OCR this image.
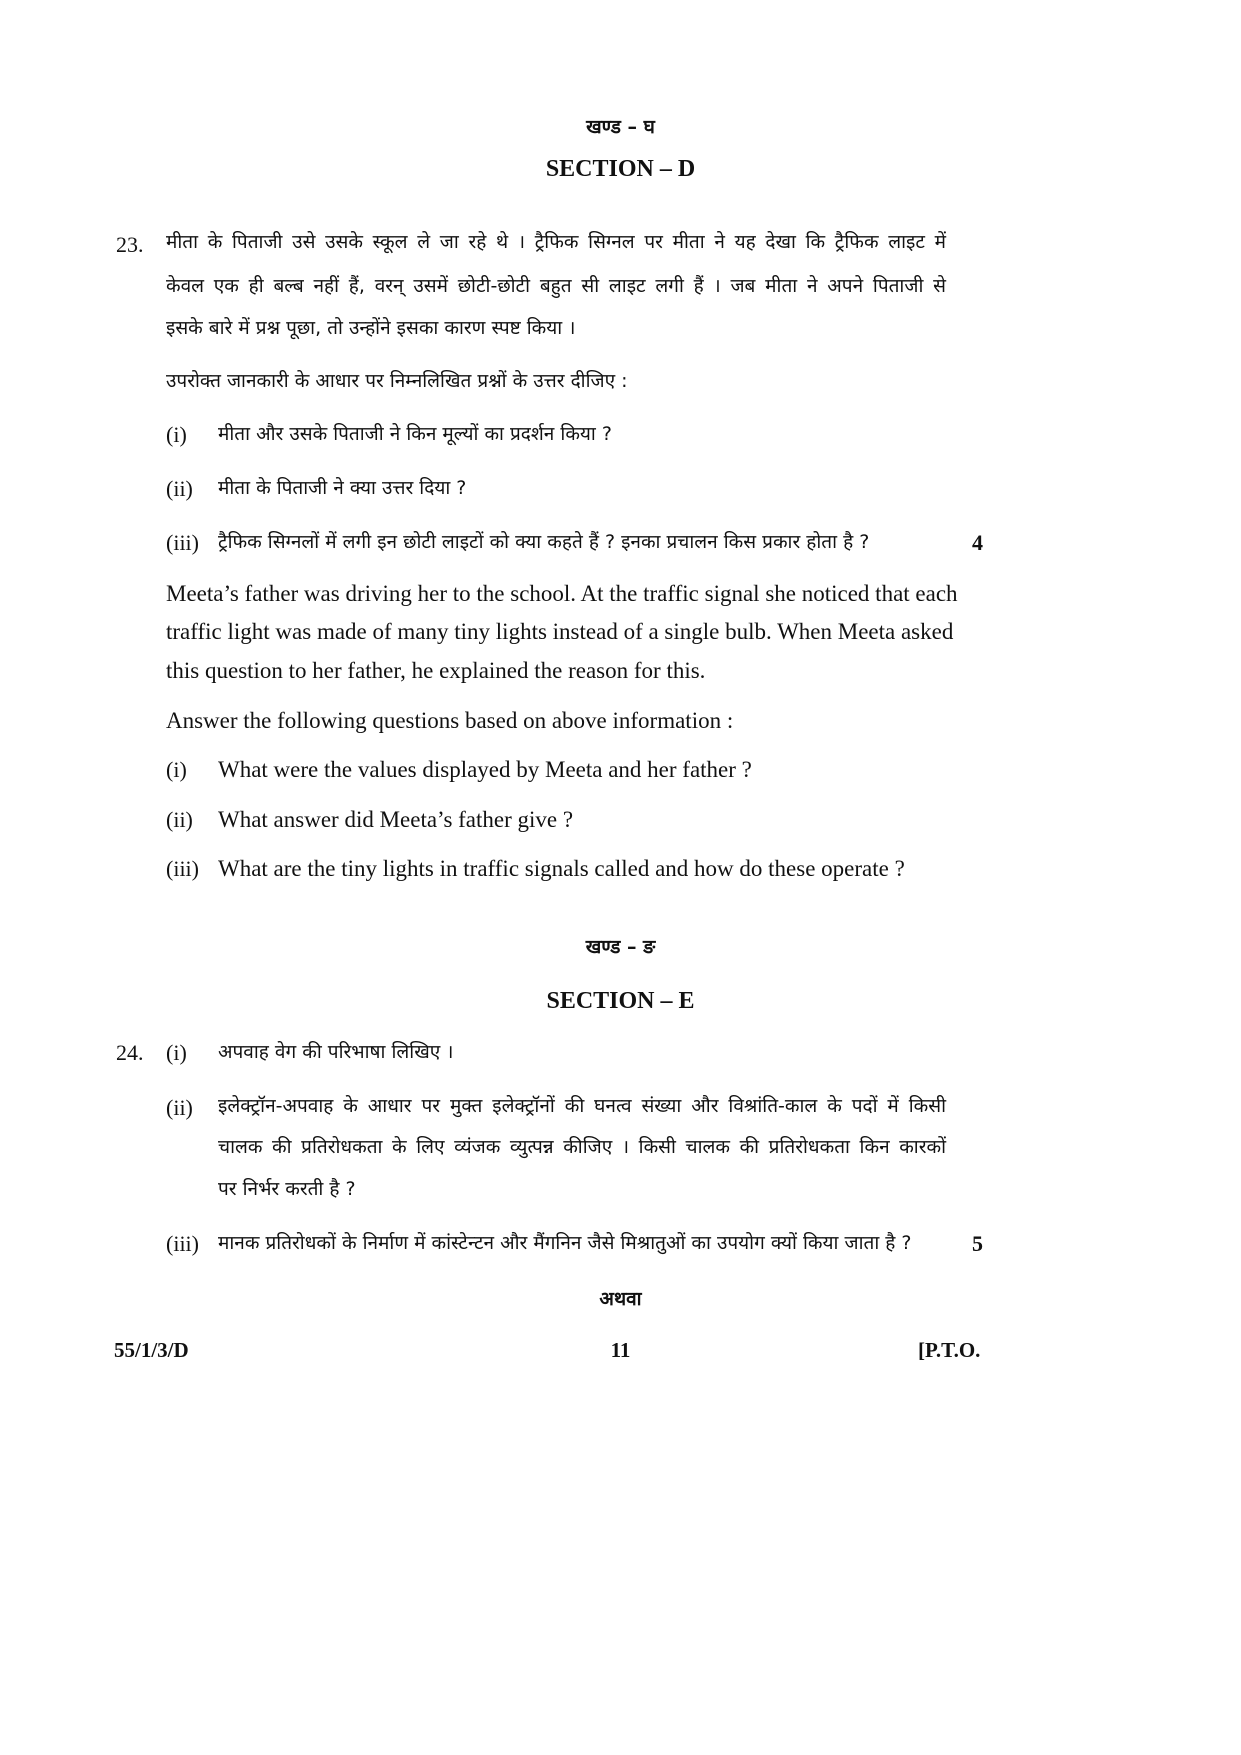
खण्ड – घ
SECTION – D
23. मीता के पिताजी उसे उसके स्कूल ले जा रहे थे । ट्रैफिक सिग्नल पर मीता ने यह देखा कि ट्रैफिक लाइट में
केवल एक ही बल्ब नहीं हैं, वरन् उसमें छोटी-छोटी बहुत सी लाइट लगी हैं । जब मीता ने अपने पिताजी से
इसके बारे में प्रश्न पूछा, तो उन्होंने इसका कारण स्पष्ट किया ।
उपरोक्त जानकारी के आधार पर निम्नलिखित प्रश्नों के उत्तर दीजिए :
(i) मीता और उसके पिताजी ने किन मूल्यों का प्रदर्शन किया ?
(ii) मीता के पिताजी ने क्या उत्तर दिया ?
(iii) ट्रैफिक सिग्नलों में लगी इन छोटी लाइटों को क्या कहते हैं ? इनका प्रचालन किस प्रकार होता है ?	4
Meeta’s father was driving her to the school. At the traffic signal she noticed that each
traffic light was made of many tiny lights instead of a single bulb. When Meeta asked
this question to her father, he explained the reason for this.
Answer the following questions based on above information :
(i) What were the values displayed by Meeta and her father ?
(ii) What answer did Meeta’s father give ?
(iii) What are the tiny lights in traffic signals called and how do these operate ?
खण्ड – ङ
SECTION – E
24. (i) अपवाह वेग की परिभाषा लिखिए ।
(ii) इलेक्ट्रॉन-अपवाह के आधार पर मुक्त इलेक्ट्रॉनों की घनत्व संख्या और विश्रांति-काल के पदों में किसी
चालक की प्रतिरोधकता के लिए व्यंजक व्युत्पन्न कीजिए । किसी चालक की प्रतिरोधकता किन कारकों
पर निर्भर करती है ?
(iii) मानक प्रतिरोधकों के निर्माण में कांस्टेन्टन और मैंगनिन जैसे मिश्रातुओं का उपयोग क्यों किया जाता है ?	5
अथवा
55/1/3/D	11	[P.T.O.
